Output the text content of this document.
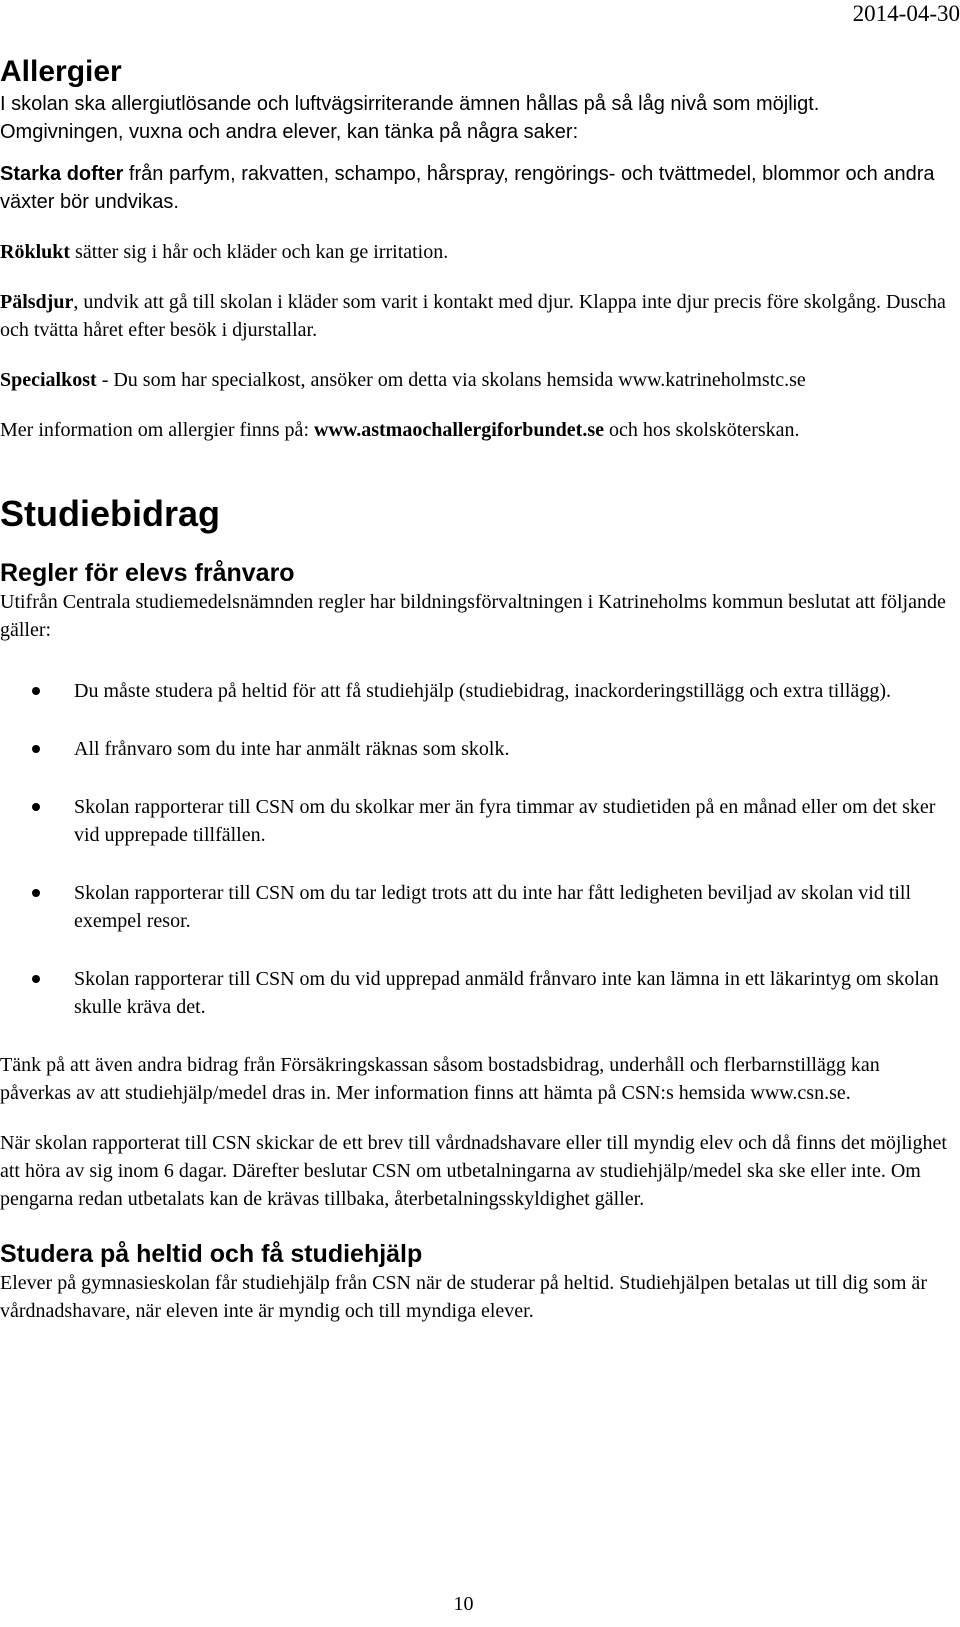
2014-04-30
Allergier

I skolan ska allergiutlösande och luftvägsirriterande ämnen hållas på så låg nivå som möjligt.

Omgivningen, vuxna och andra elever, kan tänka på några saker:

Starka dofter från parfym, rakvatten, schampo, hårspray, rengörings- och tvättmedel, blommor och andra växter bör undvikas.

Röklukt sätter sig i hår och kläder och kan ge irritation.

Pälsdjur, undvik att gå till skolan i kläder som varit i kontakt med djur. Klappa inte djur precis före skolgång. Duscha och tvätta håret efter besök i djurstallar.

Specialkost - Du som har specialkost, ansöker om detta via skolans hemsida www.katrineholmstc.se

Mer information om allergier finns på: www.astmaochallergiforbundet.se och hos skolsköterskan.

Studiebidrag
Regler för elevs frånvaro

Utifrån Centrala studiemedelsnämnden regler har bildningsförvaltningen i Katrineholms kommun beslutat att följande gäller:

Du måste studera på heltid för att få studiehjälp (studiebidrag, inackorderingstillägg och extra tillägg).
All frånvaro som du inte har anmält räknas som skolk.
Skolan rapporterar till CSN om du skolkar mer än fyra timmar av studietiden på en månad eller om det sker vid upprepade tillfällen.
Skolan rapporterar till CSN om du tar ledigt trots att du inte har fått ledigheten beviljad av skolan vid till exempel resor.
Skolan rapporterar till CSN om du vid upprepad anmäld frånvaro inte kan lämna in ett läkarintyg om skolan skulle kräva det.

Tänk på att även andra bidrag från Försäkringskassan såsom bostadsbidrag, underhåll och flerbarnstillägg kan påverkas av att studiehjälp/medel dras in. Mer information finns att hämta på CSN:s hemsida www.csn.se.

När skolan rapporterat till CSN skickar de ett brev till vårdnadshavare eller till myndig elev och då finns det möjlighet att höra av sig inom 6 dagar. Därefter beslutar CSN om utbetalningarna av studiehjälp/medel ska ske eller inte. Om pengarna redan utbetalats kan de krävas tillbaka, återbetalningsskyldighet gäller.

Studera på heltid och få studiehjälp

Elever på gymnasieskolan får studiehjälp från CSN när de studerar på heltid. Studiehjälpen betalas ut till dig som är vårdnadshavare, när eleven inte är myndig och till myndiga elever.

10
